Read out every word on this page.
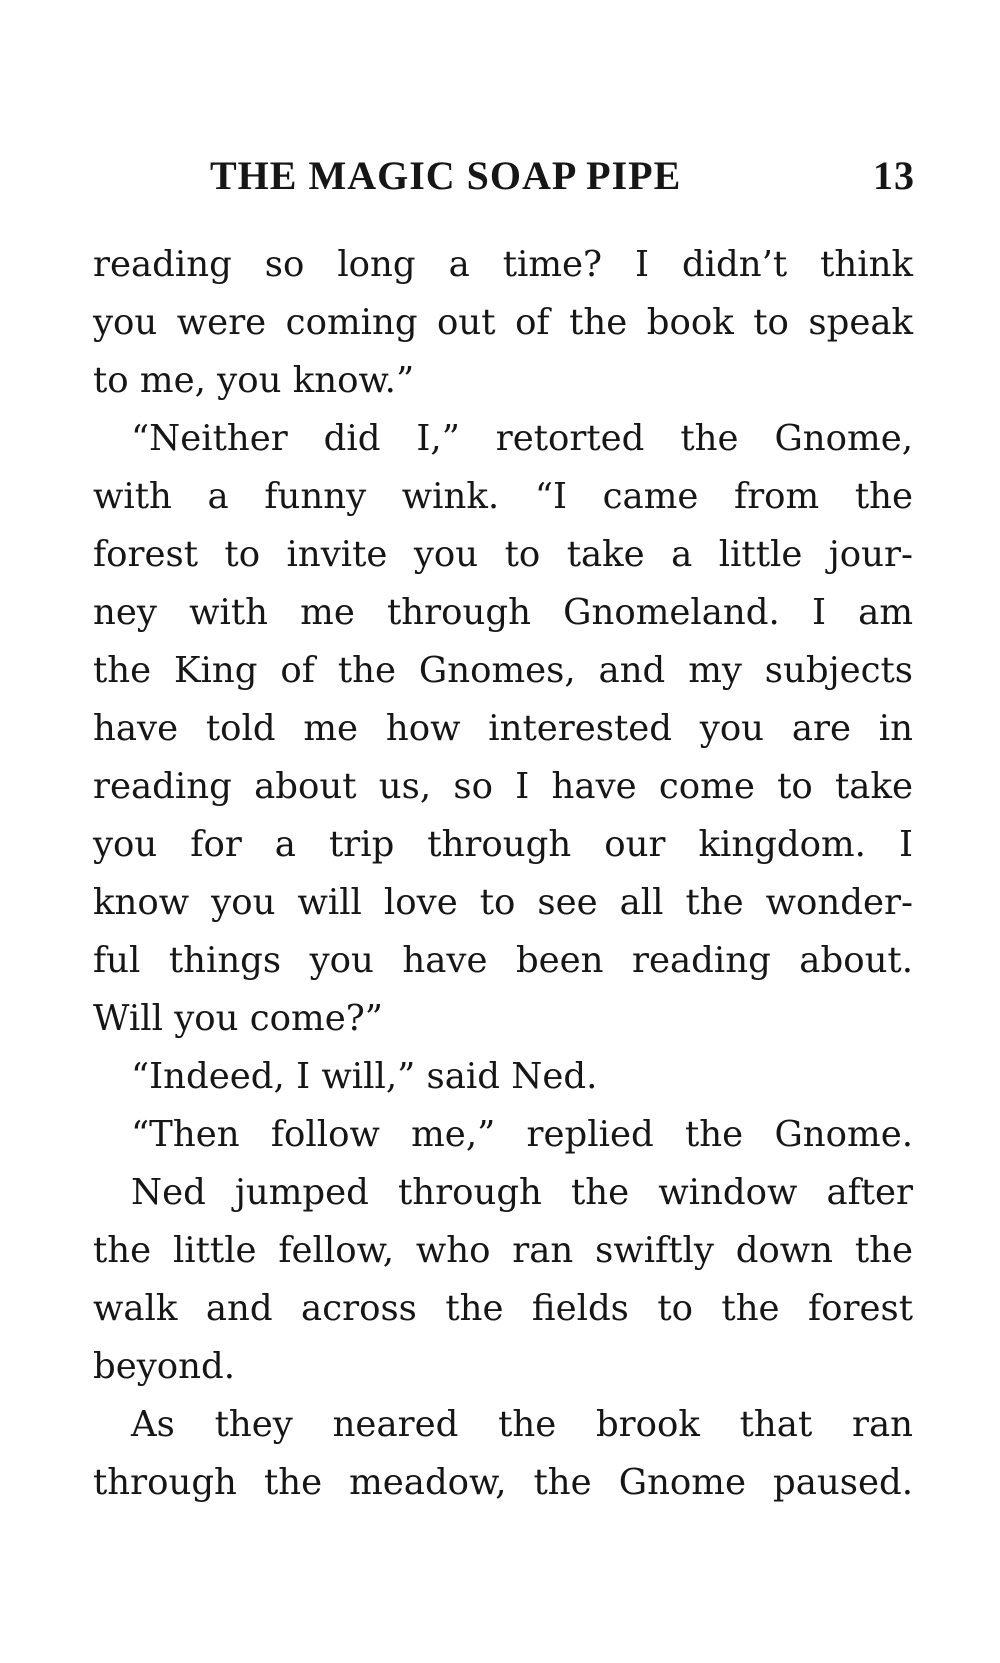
THE MAGIC SOAP PIPE	13
reading so long a time? I didn’t think
you were coming out of the book to speak
to me, you know.”
“Neither did I,” retorted the Gnome,
with a funny wink. “I came from the
forest to invite you to take a little jour-
ney with me through Gnomeland. I am
the King of the Gnomes, and my subjects
have told me how interested you are in
reading about us, so I have come to take
you for a trip through our kingdom. I
know you will love to see all the wonder-
ful things you have been reading about.
Will you come?”
“Indeed, I will,” said Ned.
“Then follow me,” replied the Gnome.
Ned jumped through the window after
the little fellow, who ran swiftly down the
walk and across the fields to the forest
beyond.
As they neared the brook that ran
through the meadow, the Gnome paused.
